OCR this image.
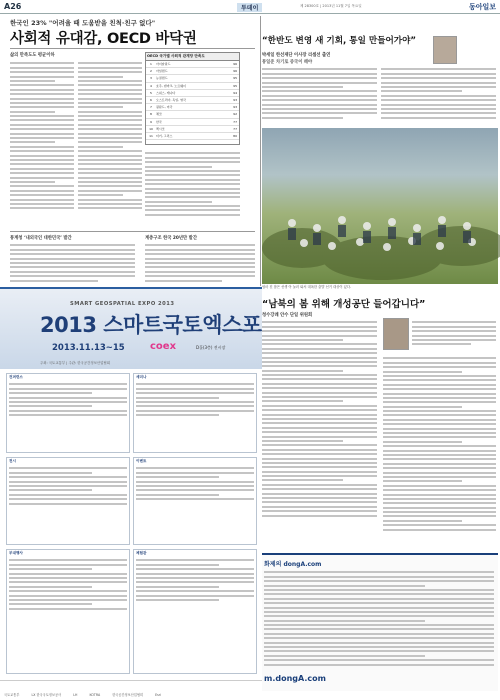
A26	투데이	제 28300호 | 2013년 11월 7일 목요일	동아일보
한국인 23% "어려울 때 도움받을 친척·친구 없다"
사회적 유대감, OECD 바닥권
삶의 만족도도 평균이하	OECD 국가별 사회적 관계망 만족도
1	아이슬란드	96
2	아일랜드	96
3	뉴질랜드	95
4	호주, 덴마크, 노르웨이	95
5	스위스, 캐나다	94
6	오스트리아, 독일, 영국	93
7	필란드, 미국	93
8	체코	92
9	한국	77
10	멕시코	77
11	터키, 그리스	80
통계청 ‘내외국인 대한민국’ 발간	계층구조 한국 20년만 발간
“한반도 변영 새 기회, 통일 만들어가야”
박세일 한선재단 이사장 리셉션 출연
통일준 차기로 중국이 해야
엄마 친 참은 선생 아 눌러 와서 대폭한 출발 선거 대상이 있다.
“남북의 봄 위해 개성공단 들어갑니다”
청수강례 안수 단일 위원회
화제의 dongA.com
m.dongA.com
SMART GEOSPATIAL EXPO 2013
2013 스마트국토엑스포
2013.11.13~15	coex	D홀(3층) 전시장
주최: 국토교통부 | 주관: 한국공간정보산업협회
컨퍼런스	세미나
전시	이벤트
부대행사	체험관
국토교통부	LX 한국국토정보공사	LH	KOTRA	한국공간정보산업협회	Esri
